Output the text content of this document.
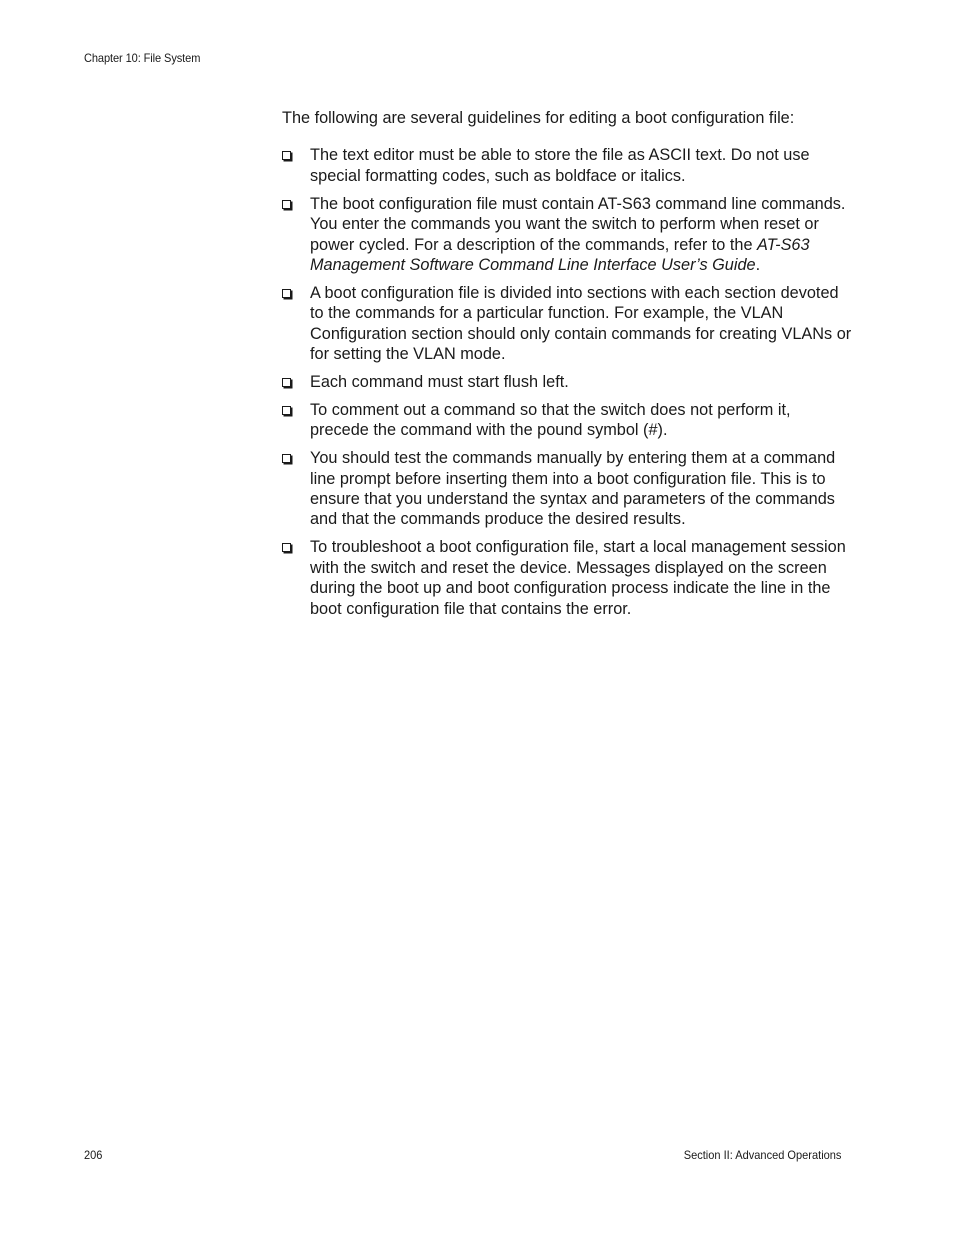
Chapter 10: File System

The following are several guidelines for editing a boot configuration file:

The text editor must be able to store the file as ASCII text. Do not use special formatting codes, such as boldface or italics.
The boot configuration file must contain AT-S63 command line commands. You enter the commands you want the switch to perform when reset or power cycled. For a description of the commands, refer to the AT-S63 Management Software Command Line Interface User’s Guide.
A boot configuration file is divided into sections with each section devoted to the commands for a particular function. For example, the VLAN Configuration section should only contain commands for creating VLANs or for setting the VLAN mode.
Each command must start flush left.
To comment out a command so that the switch does not perform it, precede the command with the pound symbol (#).
You should test the commands manually by entering them at a command line prompt before inserting them into a boot configuration file. This is to ensure that you understand the syntax and parameters of the commands and that the commands produce the desired results.
To troubleshoot a boot configuration file, start a local management session with the switch and reset the device. Messages displayed on the screen during the boot up and boot configuration process indicate the line in the boot configuration file that contains the error.
206	Section II: Advanced Operations
